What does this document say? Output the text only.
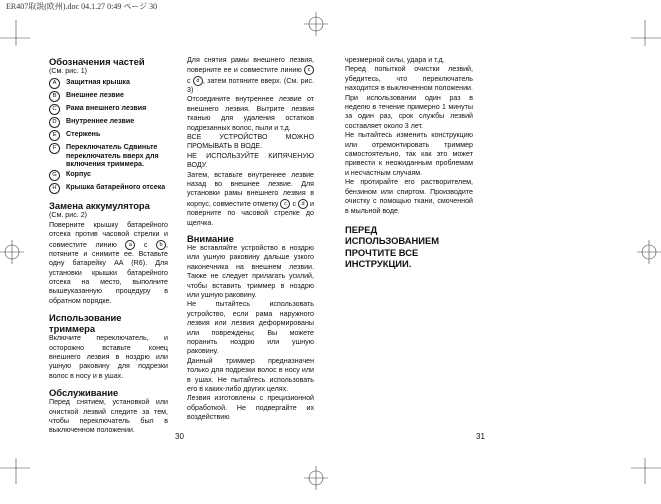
ER407取説(欧州).doc 04.1.27 0:49 ページ 30

Обозначения частей

(См. рис. 1)

A	Защитная крышка
B	Внешнее лезвие
C	Рама внешнего лезвия
D	Внутреннее лезвие
E	Стержень
F	Переключатель Сдвиньте переключатель вверх для включения триммера.
G	Корпус
H	Крышка батарейного отсека

Замена аккумулятора

(См. рис. 2)

Поверните крышку батарейного отсека против часовой стрелки и совместите линию a с b , потяните и снимите ее. Вставьте одну батарейку AA (R6). Для установки крышки батарейного отсека на место, выполните вышеуказанную процедуру в обратном порядке.

Использование триммера

Включите переключатель, и осторожно вставьте конец внешнего лезвия в ноздрю или ушную раковину для подрезки волос в носу и в ушах.

Обслуживание

Перед снятием, установкой или очисткой лезвий следите за тем, чтобы переключатель был в выключенном положении.

30

Для снятия рамы внешнего лезвия, поверните ее и совместите линию c с d , затем потяните вверх. (См. рис. 3)

Отсоедините внутреннее лезвие от внешнего лезвия. Вытрите лезвия тканью для удаления остатков подрезанных волос, пыли и т.д.

ВСЕ УСТРОЙСТВО МОЖНО ПРОМЫВАТЬ В ВОДЕ.

НЕ ИСПОЛЬЗУЙТЕ КИПЯЧЕНУЮ ВОДУ.

Затем, вставьте внутреннее лезвие назад во внешнее лезвие. Для установки рамы внешнего лезвия в корпус, совместите отметку c с d и поверните по часовой стрелке до щелчка.

Внимание

Не вставляйте устройство в ноздрю или ушную раковину дальше узкого наконечника на внешнем лезвии. Также не следует прилагать усилий, чтобы вставить триммер в ноздрю или ушную раковину.

Не пытайтесь использовать устройство, если рама наружного лезвия или лезвия деформированы или повреждены; Вы можете поранить ноздрю или ушную раковину.

Данный триммер предназначен только для подрезки волос в носу или в ушах. Не пытайтесь использовать его в каких-либо других целях.

Лезвия изготовлены с прецизионной обработкой. Не подвергайте их воздействию

чрезмерной силы, удара и т.д.

Перед попыткой очистки лезвий, убедитесь, что переключатель находится в выключенном положении. При использовании один раз в неделю в течение примерно 1 минуты за один раз, срок службы лезвий составляет около 3 лет.

Не пытайтесь изменить конструкцию или отремонтировать триммер самостоятельно, так как это может привести к неожиданным проблемам и несчастным случаям.

Не протирайте его растворителем, бензином или спиртом. Производите очистку с помощью ткани, смоченной в мыльной воде.

ПЕРЕД ИСПОЛЬЗОВАНИЕМ ПРОЧТИТЕ ВСЕ ИНСТРУКЦИИ.

31
